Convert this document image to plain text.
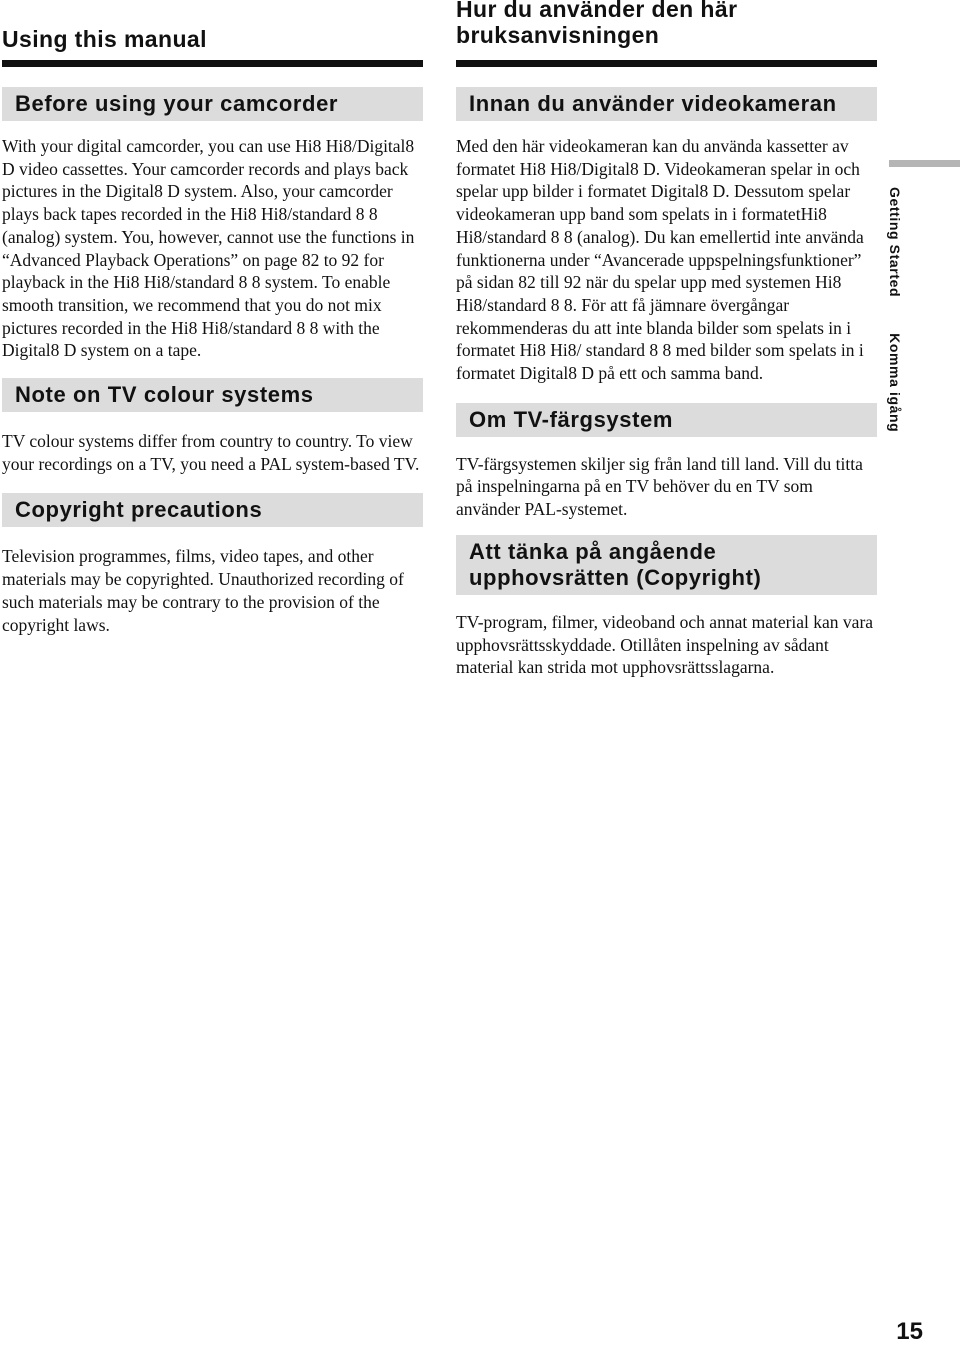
Using this manual
Before using your camcorder

With your digital camcorder, you can use Hi8 Hi8/Digital8 D video cassettes. Your camcorder records and plays back pictures in the Digital8 D system. Also, your camcorder plays back tapes recorded in the Hi8 Hi8/standard 8 8 (analog) system. You, however, cannot use the functions in “Advanced Playback Operations” on page 82 to 92 for playback in the Hi8 Hi8/standard 8 8 system. To enable smooth transition, we recommend that you do not mix pictures recorded in the Hi8 Hi8/standard 8 8 with the Digital8 D system on a tape.

Note on TV colour systems

TV colour systems differ from country to country. To view your recordings on a TV, you need a PAL system-based TV.

Copyright precautions

Television programmes, films, video tapes, and other materials may be copyrighted. Unauthorized recording of such materials may be contrary to the provision of the copyright laws.

Hur du använder den här bruksanvisningen
Innan du använder videokameran

Med den här videokameran kan du använda kassetter av formatet Hi8 Hi8/Digital8 D. Videokameran spelar in och spelar upp bilder i formatet Digital8 D. Dessutom spelar videokameran upp band som spelats in i formatetHi8 Hi8/standard 8 8 (analog). Du kan emellertid inte använda funktionerna under “Avancerade uppspelningsfunktioner” på sidan 82 till 92 när du spelar upp med systemen Hi8 Hi8/standard 8 8. För att få jämnare övergångar rekommenderas du att inte blanda bilder som spelats in i formatet Hi8 Hi8/ standard 8 8 med bilder som spelats in i formatet Digital8 D på ett och samma band.

Om TV-färgsystem

TV-färgsystemen skiljer sig från land till land. Vill du titta på inspelningarna på en TV behöver du en TV som använder PAL-systemet.

Att tänka på angående upphovsrätten (Copyright)

TV-program, filmer, videoband och annat material kan vara upphovsrättsskyddade. Otillåten inspelning av sådant material kan strida mot upphovsrättsslagarna.

Getting StartedKomma igång
15
